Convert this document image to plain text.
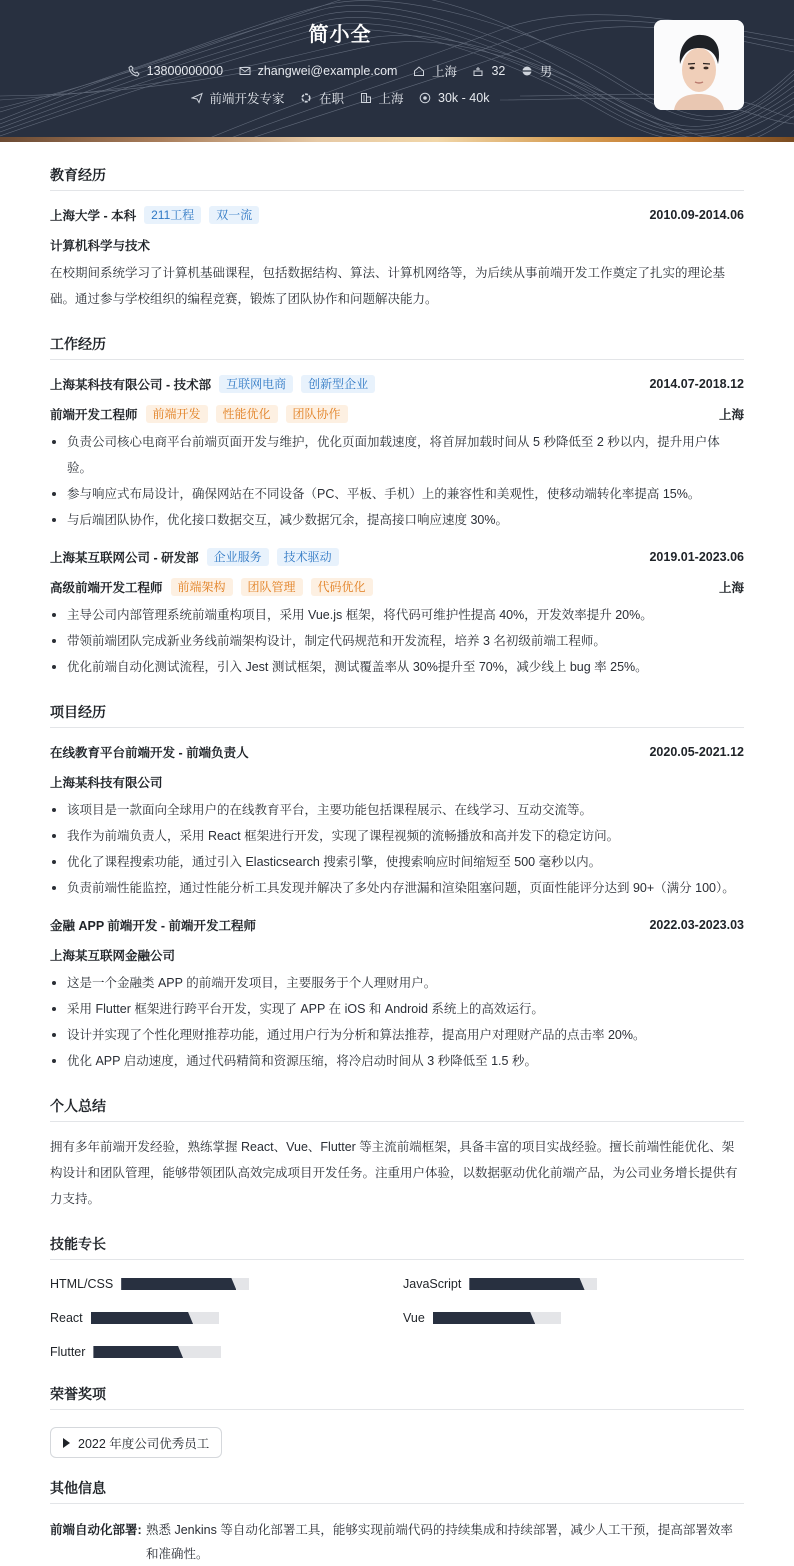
简小全
13800000000
	zhangwei@example.com
	上海
	32
	男
前端开发专家
	在职
	上海
	30k - 40k
教育经历
上海大学 - 本科	211工程	双一流	2010.09-2014.06
计算机科学与技术
在校期间系统学习了计算机基础课程，包括数据结构、算法、计算机网络等，为后续从事前端开发工作奠定了扎实的理论基础。通过参与学校组织的编程竞赛，锻炼了团队协作和问题解决能力。
工作经历
上海某科技有限公司 - 技术部	互联网电商	创新型企业	2014.07-2018.12
前端开发工程师	前端开发	性能优化	团队协作	上海
负责公司核心电商平台前端页面开发与维护，优化页面加载速度，将首屏加载时间从 5 秒降低至 2 秒以内，提升用户体验。
参与响应式布局设计，确保网站在不同设备（PC、平板、手机）上的兼容性和美观性，使移动端转化率提高 15%。
与后端团队协作，优化接口数据交互，减少数据冗余，提高接口响应速度 30%。
上海某互联网公司 - 研发部	企业服务	技术驱动	2019.01-2023.06
高级前端开发工程师	前端架构	团队管理	代码优化	上海
主导公司内部管理系统前端重构项目，采用 Vue.js 框架，将代码可维护性提高 40%，开发效率提升 20%。
带领前端团队完成新业务线前端架构设计，制定代码规范和开发流程，培养 3 名初级前端工程师。
优化前端自动化测试流程，引入 Jest 测试框架，测试覆盖率从 30%提升至 70%，减少线上 bug 率 25%。
项目经历
在线教育平台前端开发 - 前端负责人	2020.05-2021.12
上海某科技有限公司
该项目是一款面向全球用户的在线教育平台，主要功能包括课程展示、在线学习、互动交流等。
我作为前端负责人，采用 React 框架进行开发，实现了课程视频的流畅播放和高并发下的稳定访问。
优化了课程搜索功能，通过引入 Elasticsearch 搜索引擎，使搜索响应时间缩短至 500 毫秒以内。
负责前端性能监控，通过性能分析工具发现并解决了多处内存泄漏和渲染阻塞问题，页面性能评分达到 90+（满分 100）。
金融 APP 前端开发 - 前端开发工程师	2022.03-2023.03
上海某互联网金融公司
这是一个金融类 APP 的前端开发项目，主要服务于个人理财用户。
采用 Flutter 框架进行跨平台开发，实现了 APP 在 iOS 和 Android 系统上的高效运行。
设计并实现了个性化理财推荐功能，通过用户行为分析和算法推荐，提高用户对理财产品的点击率 20%。
优化 APP 启动速度，通过代码精简和资源压缩，将冷启动时间从 3 秒降低至 1.5 秒。
个人总结
拥有多年前端开发经验，熟练掌握 React、Vue、Flutter 等主流前端框架，具备丰富的项目实战经验。擅长前端性能优化、架构设计和团队管理，能够带领团队高效完成项目开发任务。注重用户体验，以数据驱动优化前端产品，为公司业务增长提供有力支持。
技能专长
HTML/CSS	JavaScript
React	Vue
Flutter
荣誉奖项
2022 年度公司优秀员工
其他信息
前端自动化部署: 熟悉 Jenkins 等自动化部署工具，能够实现前端代码的持续集成和持续部署，减少人工干预，提高部署效率和准确性。
